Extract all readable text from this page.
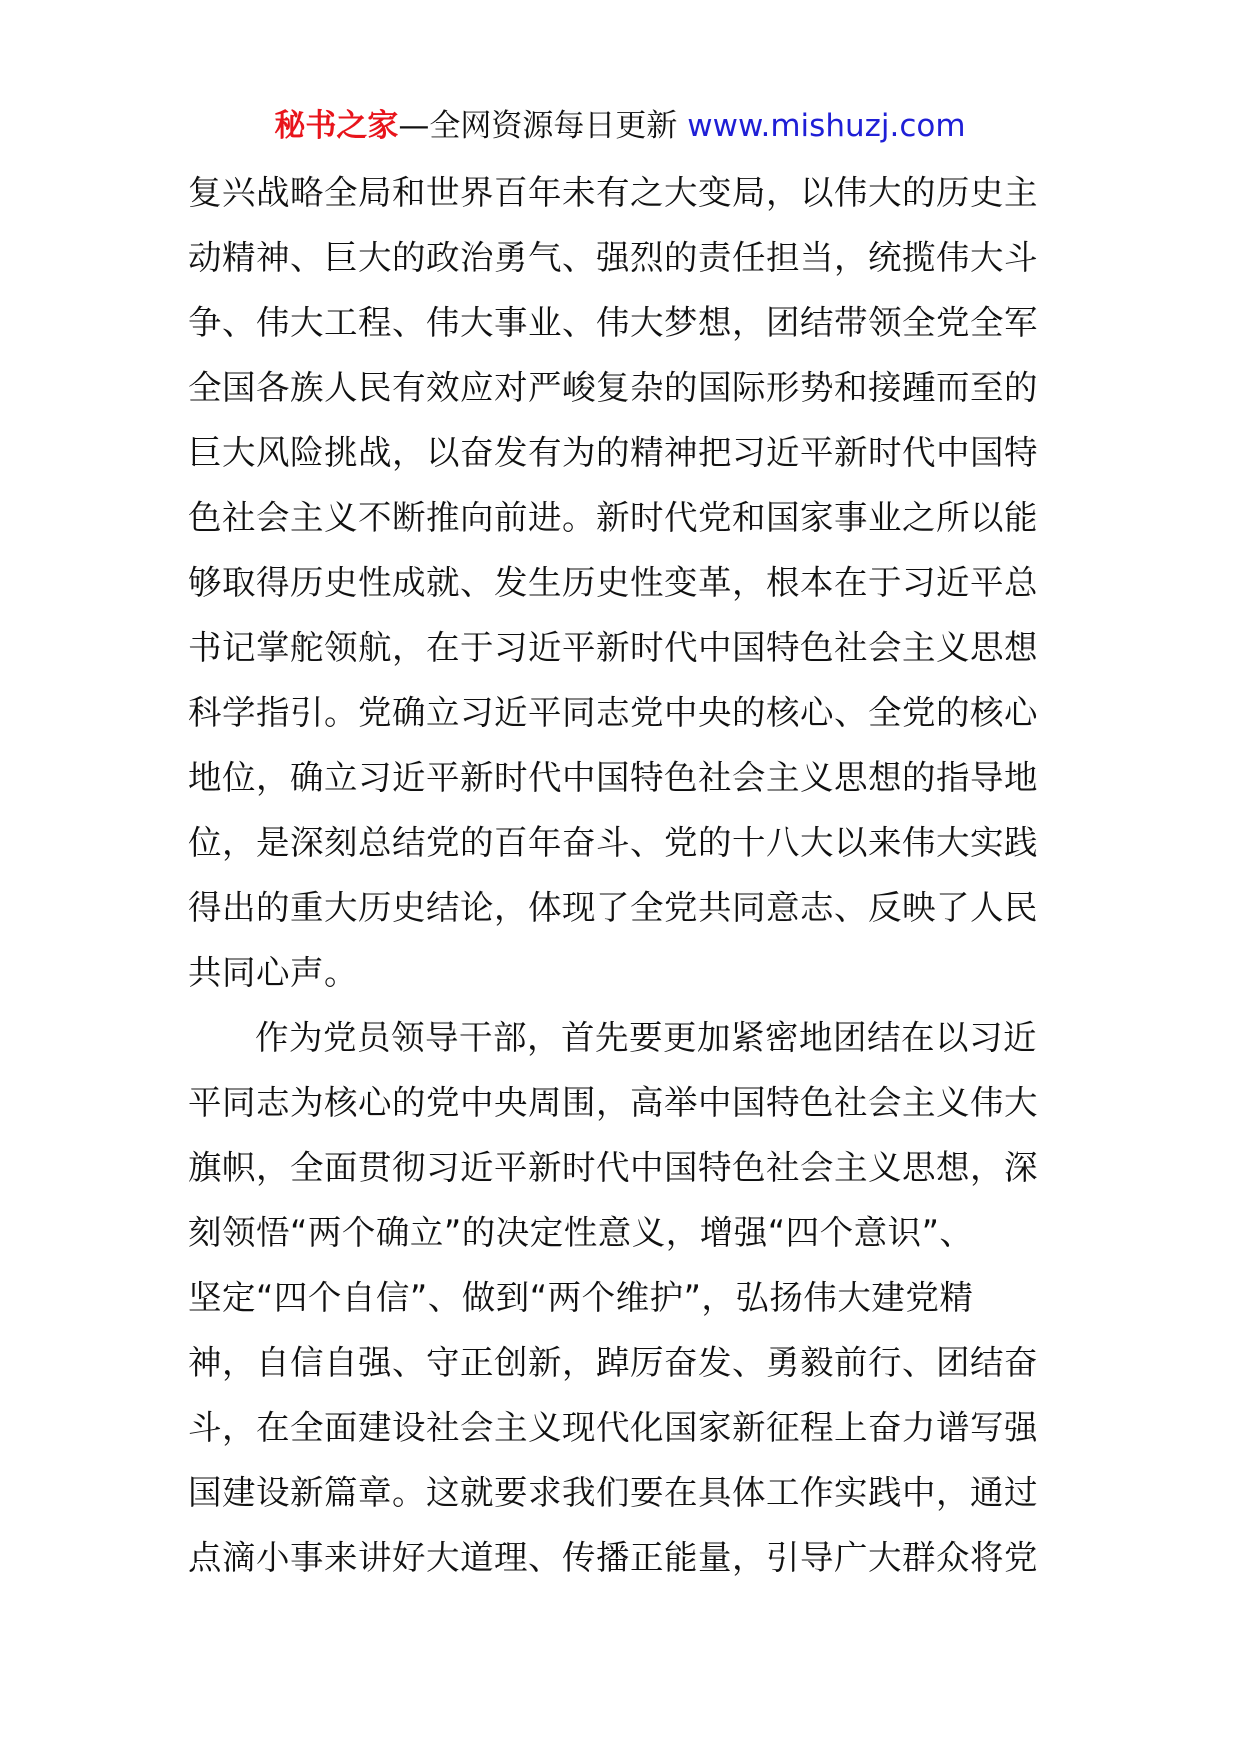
秘书之家—全网资源每日更新 www.mishuzj.com
复兴战略全局和世界百年未有之大变局，以伟大的历史主
动精神、巨大的政治勇气、强烈的责任担当，统揽伟大斗
争、伟大工程、伟大事业、伟大梦想，团结带领全党全军
全国各族人民有效应对严峻复杂的国际形势和接踵而至的
巨大风险挑战，以奋发有为的精神把习近平新时代中国特
色社会主义不断推向前进。新时代党和国家事业之所以能
够取得历史性成就、发生历史性变革，根本在于习近平总
书记掌舵领航，在于习近平新时代中国特色社会主义思想
科学指引。党确立习近平同志党中央的核心、全党的核心
地位，确立习近平新时代中国特色社会主义思想的指导地
位，是深刻总结党的百年奋斗、党的十八大以来伟大实践
得出的重大历史结论，体现了全党共同意志、反映了人民
共同心声。
作为党员领导干部，首先要更加紧密地团结在以习近
平同志为核心的党中央周围，高举中国特色社会主义伟大
旗帜，全面贯彻习近平新时代中国特色社会主义思想，深
刻领悟“两个确立”的决定性意义，增强“四个意识”、
坚定“四个自信”、做到“两个维护”，弘扬伟大建党精
神，自信自强、守正创新，踔厉奋发、勇毅前行、团结奋
斗，在全面建设社会主义现代化国家新征程上奋力谱写强
国建设新篇章。这就要求我们要在具体工作实践中，通过
点滴小事来讲好大道理、传播正能量，引导广大群众将党
